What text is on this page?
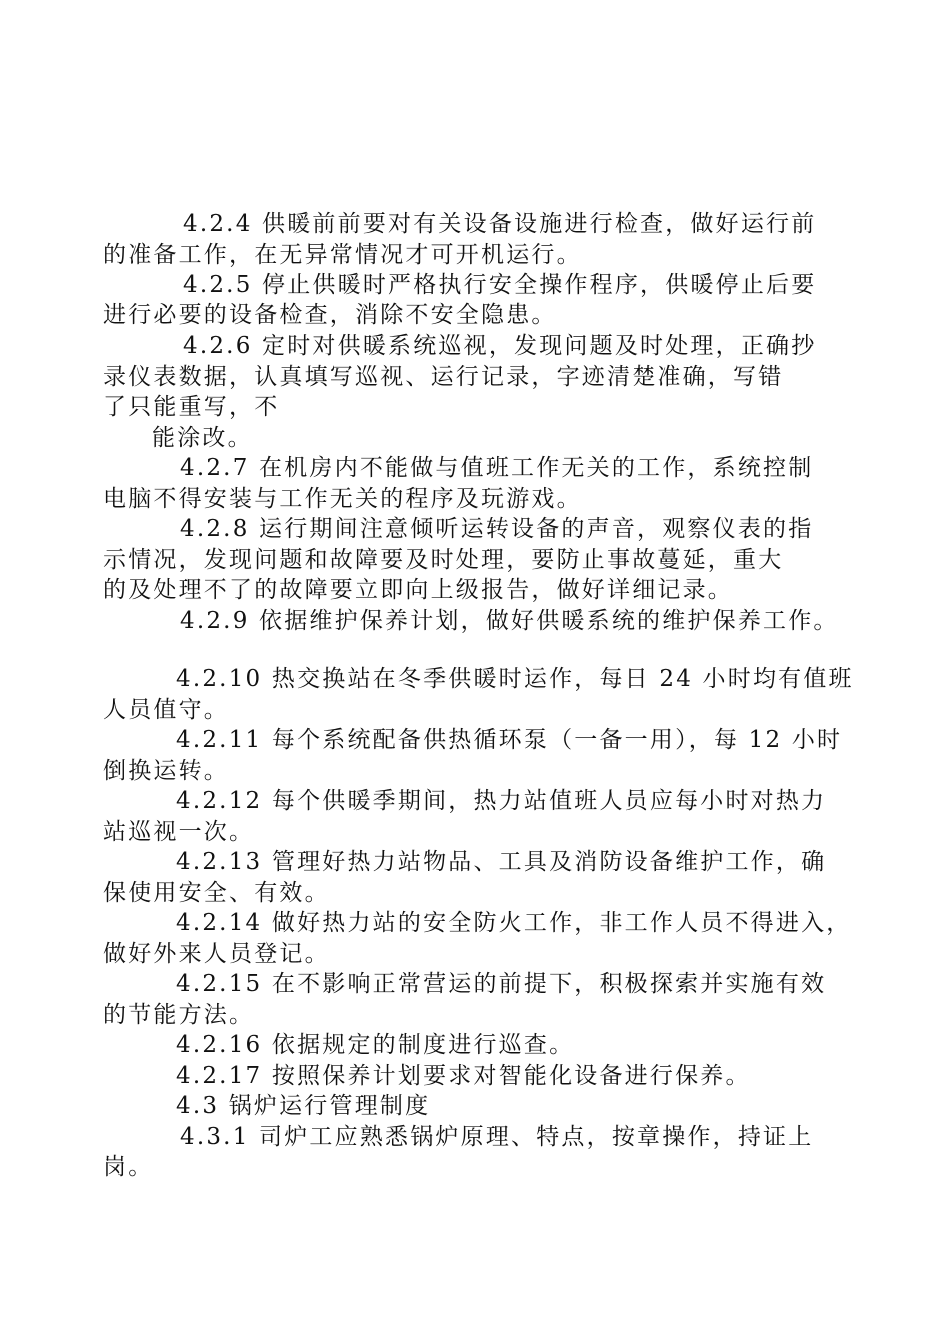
4.2.4 供暖前前要对有关设备设施进行检查，做好运行前
的准备工作，在无异常情况才可开机运行。
4.2.5 停止供暖时严格执行安全操作程序，供暖停止后要
进行必要的设备检查，消除不安全隐患。
4.2.6 定时对供暖系统巡视，发现问题及时处理，正确抄
录仪表数据，认真填写巡视、运行记录，字迹清楚准确，写错
了只能重写，不
能涂改。
4.2.7 在机房内不能做与值班工作无关的工作，系统控制
电脑不得安装与工作无关的程序及玩游戏。
4.2.8 运行期间注意倾听运转设备的声音，观察仪表的指
示情况，发现问题和故障要及时处理，要防止事故蔓延，重大
的及处理不了的故障要立即向上级报告，做好详细记录。
4.2.9 依据维护保养计划，做好供暖系统的维护保养工作。
4.2.10 热交换站在冬季供暖时运作，每日 24 小时均有值班
人员值守。
4.2.11 每个系统配备供热循环泵（一备一用），每 12 小时
倒换运转。
4.2.12 每个供暖季期间，热力站值班人员应每小时对热力
站巡视一次。
4.2.13 管理好热力站物品、工具及消防设备维护工作，确
保使用安全、有效。
4.2.14 做好热力站的安全防火工作，非工作人员不得进入，
做好外来人员登记。
4.2.15 在不影响正常营运的前提下，积极探索并实施有效
的节能方法。
4.2.16 依据规定的制度进行巡查。
4.2.17 按照保养计划要求对智能化设备进行保养。
4.3 锅炉运行管理制度
4.3.1 司炉工应熟悉锅炉原理、特点，按章操作，持证上
岗。
